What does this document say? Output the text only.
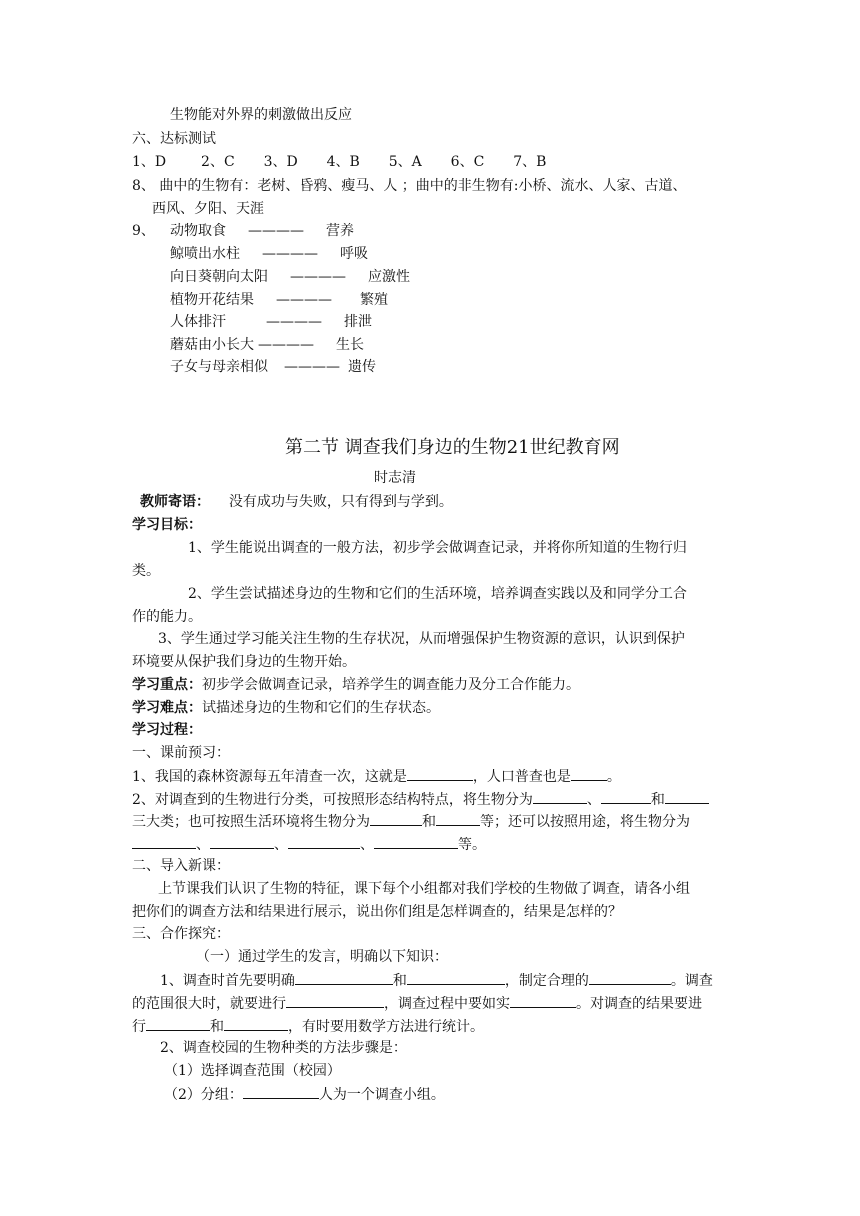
生物能对外界的刺激做出反应
六、达标测试
1、D 2、C 3、D 4、B 5、A 6、C 7、B
8、 曲中的生物有：老树、昏鸦、瘦马、人 ；曲中的非生物有:小桥、流水、人家、古道、
西风、夕阳、天涯
9、 动物取食 ———— 营养
鲸喷出水柱 ———— 呼吸
向日葵朝向太阳 ———— 应激性
植物开花结果 ———— 繁殖
人体排汗	———— 排泄
蘑菇由小长大 ———— 生长
子女与母亲相似 ———— 遗传
第二节 调查我们身边的生物21世纪教育网
时志清
教师寄语： 没有成功与失败，只有得到与学到。
学习目标：
1、学生能说出调查的一般方法，初步学会做调查记录，并将你所知道的生物行归
类。
2、学生尝试描述身边的生物和它们的生活环境，培养调查实践以及和同学分工合
作的能力。
3、学生通过学习能关注生物的生存状况，从而增强保护生物资源的意识，认识到保护
环境要从保护我们身边的生物开始。
学习重点：初步学会做调查记录，培养学生的调查能力及分工合作能力。
学习难点：试描述身边的生物和它们的生存状态。
学习过程：
一、课前预习：
1、我国的森林资源每五年清查一次，这就是	，人口普查也是	。
2、对调查到的生物进行分类，可按照形态结构特点，将生物分为	、	和
三大类；也可按照生活环境将生物分为	和	等；还可以按照用途，将生物分为
、	、	、	等。
二、导入新课：
上节课我们认识了生物的特征，课下每个小组都对我们学校的生物做了调查，请各小组
把你们的调查方法和结果进行展示，说出你们组是怎样调查的，结果是怎样的？
三、合作探究：
（一）通过学生的发言，明确以下知识：
1、调查时首先要明确	和	，制定合理的	。调查
的范围很大时，就要进行	，调查过程中要如实	。对调查的结果要进
行	和	，有时要用数学方法进行统计。
2、调查校园的生物种类的方法步骤是：
（1）选择调查范围（校园）
（2）分组：	人为一个调查小组。
